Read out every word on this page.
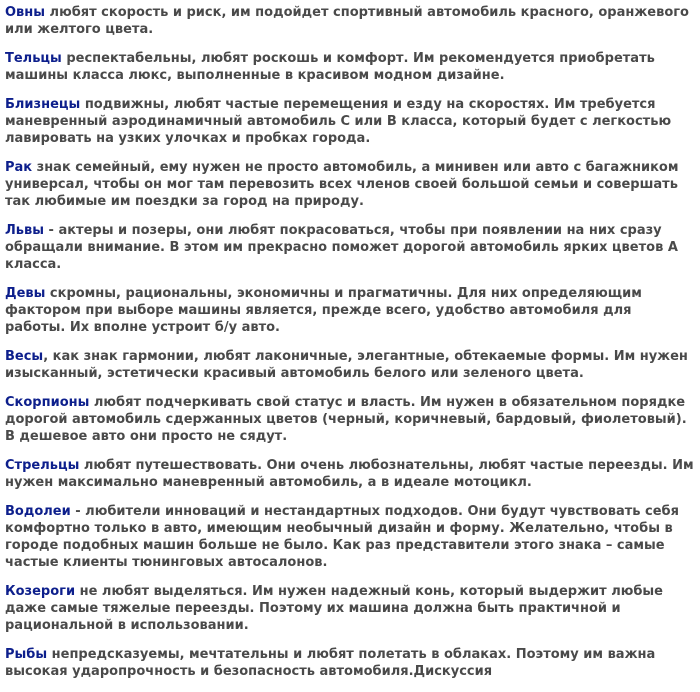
Овны любят скорость и риск, им подойдет спортивный автомобиль красного, оранжевого или желтого цвета.

Тельцы респектабельны, любят роскошь и комфорт. Им рекомендуется приобретать машины класса люкс, выполненные в красивом модном дизайне.

Близнецы подвижны, любят частые перемещения и езду на скоростях. Им требуется маневренный аэродинамичный автомобиль С или В класса, который будет с легкостью лавировать на узких улочках и пробках города.

Рак знак семейный, ему нужен не просто автомобиль, а минивен или авто с багажником универсал, чтобы он мог там перевозить всех членов своей большой семьи и совершать так любимые им поездки за город на природу.

Львы - актеры и позеры, они любят покрасоваться, чтобы при появлении на них сразу обращали внимание. В этом им прекрасно поможет дорогой автомобиль ярких цветов А класса.

Девы скромны, рациональны, экономичны и прагматичны. Для них определяющим фактором при выборе машины является, прежде всего, удобство автомобиля для работы. Их вполне устроит б/у авто.

Весы, как знак гармонии, любят лаконичные, элегантные, обтекаемые формы. Им нужен изысканный, эстетически красивый автомобиль белого или зеленого цвета.

Скорпионы любят подчеркивать свой статус и власть. Им нужен в обязательном порядке дорогой автомобиль сдержанных цветов (черный, коричневый, бардовый, фиолетовый). В дешевое авто они просто не сядут.

Стрельцы любят путешествовать. Они очень любознательны, любят частые переезды. Им нужен максимально маневренный автомобиль, а в идеале мотоцикл.

Водолеи - любители инноваций и нестандартных подходов. Они будут чувствовать себя комфортно только в авто, имеющим необычный дизайн и форму. Желательно, чтобы в городе подобных машин больше не было. Как раз представители этого знака – самые частые клиенты тюнинговых автосалонов.

Козероги не любят выделяться. Им нужен надежный конь, который выдержит любые даже самые тяжелые переезды. Поэтому их машина должна быть практичной и рациональной в использовании.

Рыбы непредсказуемы, мечтательны и любят полетать в облаках. Поэтому им важна высокая ударопрочность и безопасность автомобиля.Дискуссия
